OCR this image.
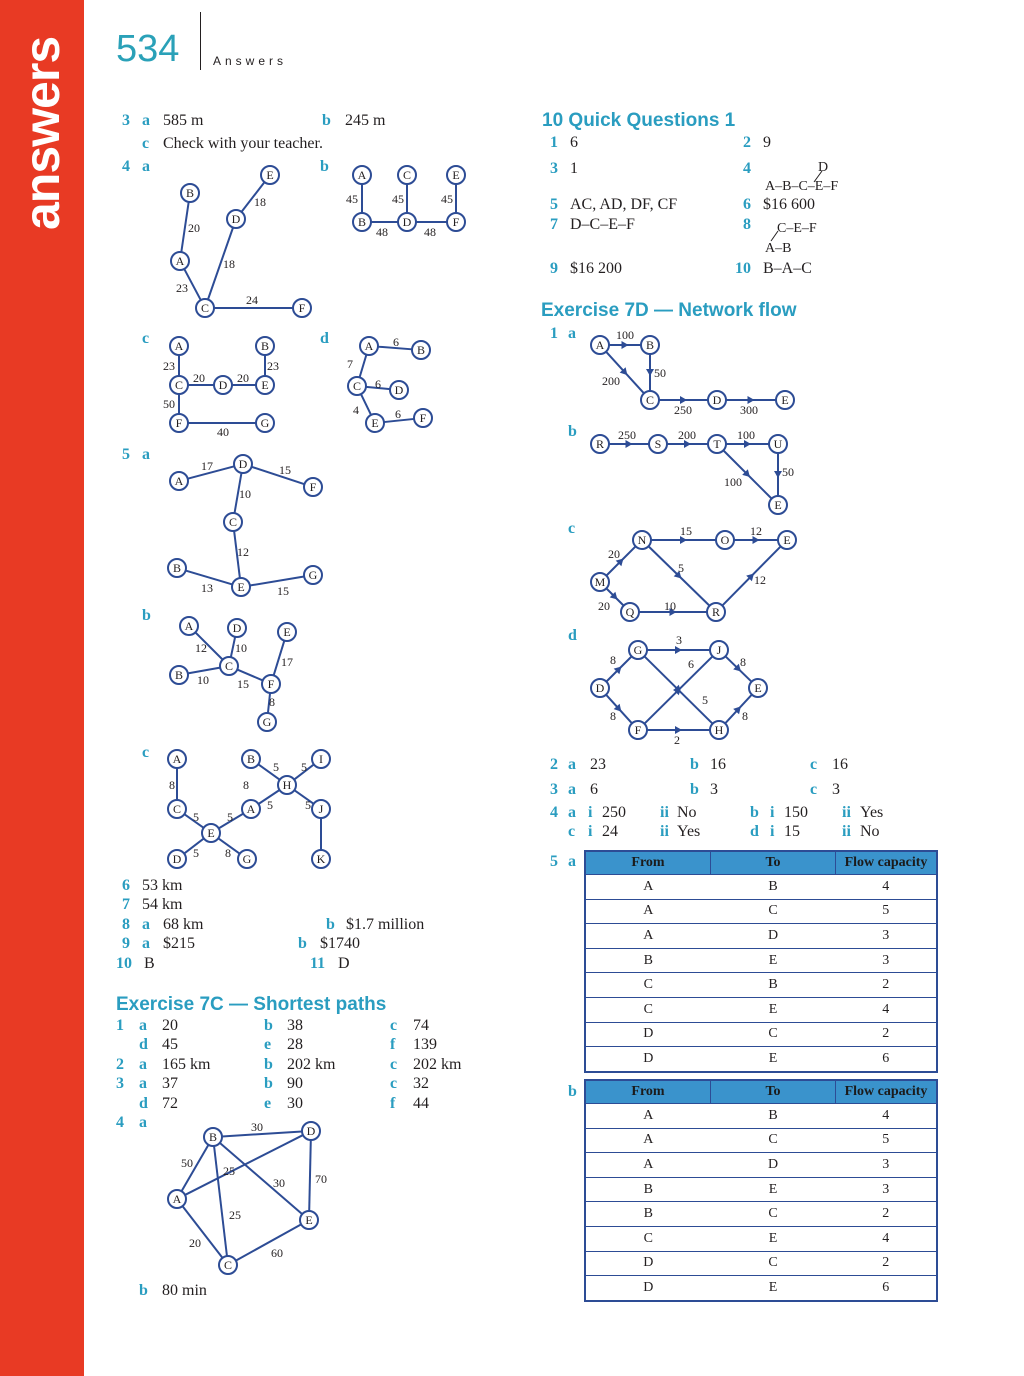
answers 534	Answers
3 a 585 m	b 245 m
c Check with your teacher.
4 a	b
c	d
5 a
b
c
6 53 km
7 54 km
8 a 68 km	b $1.7 million
9 a $215	b $1740
10 B	11 D
Exercise 7C — Shortest paths
1 a 20	b 38	c 74
d 45	e 28	f 139
2 a 165 km	b 202 km	c 202 km
3 a 37	b 90	c 32
d 72	e 30	f 44
4 a
b 80 min
10 Quick Questions 1
1 6	2 9
3 1	4	D
A–B–C–E–F
5 AC, AD, DF, CF	6 $16 600
7 D–C–E–F	8 C–E–F
A–B
9 $16 200	10 B–A–C
Exercise 7D — Network flow
1 a
b
c
d
2 a 23	b 16	c 16
3 a 6	b 3	c 3
4 a i 250 ii No	b i 150 ii Yes
c i 24	ii Yes	d i 15	ii No
5 a
b
From	To	Flow capacity
A	B	4
A	C	5
A	D	3
B	E	3
C	B	2
C	E	4
D	C	2
D	E	6
From	To	Flow capacity
A	B	4
A	C	5
A	D	3
B	E	3
B	C	2
C	E	4
D	C	2
D	E	6
E
B
D
A
C	F
18
20
18
23
24
A	C	E
B	D	F
45	45	45
48	48
A	B
C	D	E
F	G
23	23
20	20
50
40
A	B
C	D
E	F
6
7
6
4	6
D
A	F
C
B
E
G
17	15
10
12
13	15
A	D	E
B
C
F
G
12 10
10 15
17
8
A	B	I
H
C	A	J
E
D	G	K
8	8
5 5
5	5
5
5
5 8
B	D
A
E
C
30
50
25
30	70
25
20
60
A	B
C	D	E
100
200
50
250	300
R	S	T	U
E
250	200	100
50
100
N	O	E
M
Q	R
15	12
20
5
12
20	10
G	J
D	E
F	H
3
8	6	8
5
8	8
2
